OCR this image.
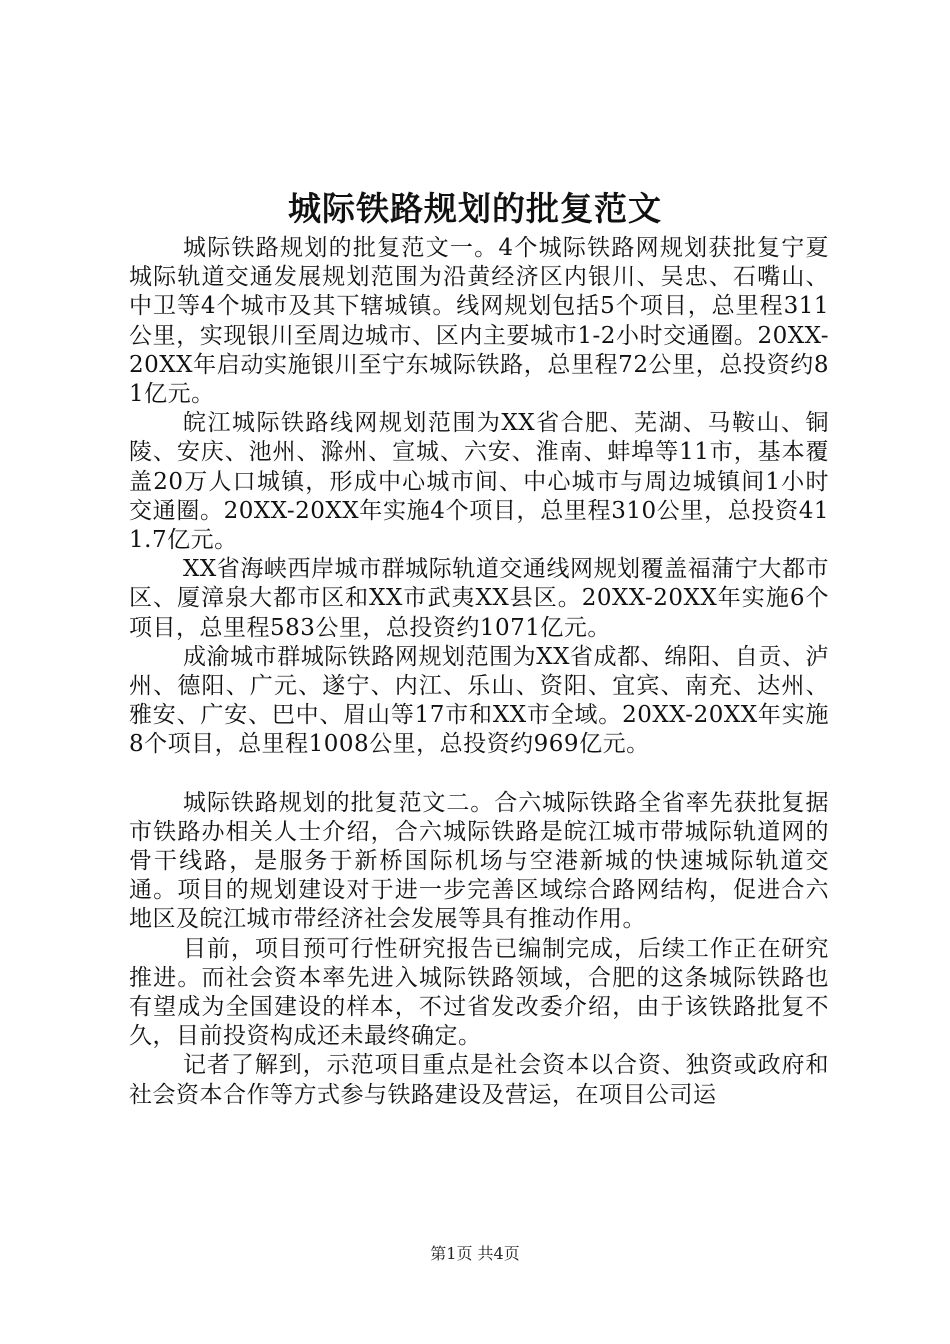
城际铁路规划的批复范文

城际铁路规划的批复范文一。4个城际铁路网规划获批复宁夏城际轨道交通发展规划范围为沿黄经济区内银川、吴忠、石嘴山、中卫等4个城市及其下辖城镇。线网规划包括5个项目，总里程311公里，实现银川至周边城市、区内主要城市1-2小时交通圈。20XX-20XX年启动实施银川至宁东城际铁路，总里程72公里，总投资约81亿元。

皖江城际铁路线网规划范围为XX省合肥、芜湖、马鞍山、铜陵、安庆、池州、滁州、宣城、六安、淮南、蚌埠等11市，基本覆盖20万人口城镇，形成中心城市间、中心城市与周边城镇间1小时交通圈。20XX-20XX年实施4个项目，总里程310公里，总投资411.7亿元。

XX省海峡西岸城市群城际轨道交通线网规划覆盖福蒲宁大都市区、厦漳泉大都市区和XX市武夷XX县区。20XX-20XX年实施6个项目，总里程583公里，总投资约1071亿元。

成渝城市群城际铁路网规划范围为XX省成都、绵阳、自贡、泸州、德阳、广元、遂宁、内江、乐山、资阳、宜宾、南充、达州、雅安、广安、巴中、眉山等17市和XX市全域。20XX-20XX年实施8个项目，总里程1008公里，总投资约969亿元。

城际铁路规划的批复范文二。合六城际铁路全省率先获批复据市铁路办相关人士介绍，合六城际铁路是皖江城市带城际轨道网的骨干线路，是服务于新桥国际机场与空港新城的快速城际轨道交通。项目的规划建设对于进一步完善区域综合路网结构，促进合六地区及皖江城市带经济社会发展等具有推动作用。

目前，项目预可行性研究报告已编制完成，后续工作正在研究推进。而社会资本率先进入城际铁路领域，合肥的这条城际铁路也有望成为全国建设的样本，不过省发改委介绍，由于该铁路批复不久，目前投资构成还未最终确定。

记者了解到，示范项目重点是社会资本以合资、独资或政府和社会资本合作等方式参与铁路建设及营运，在项目公司运

第1页 共4页
